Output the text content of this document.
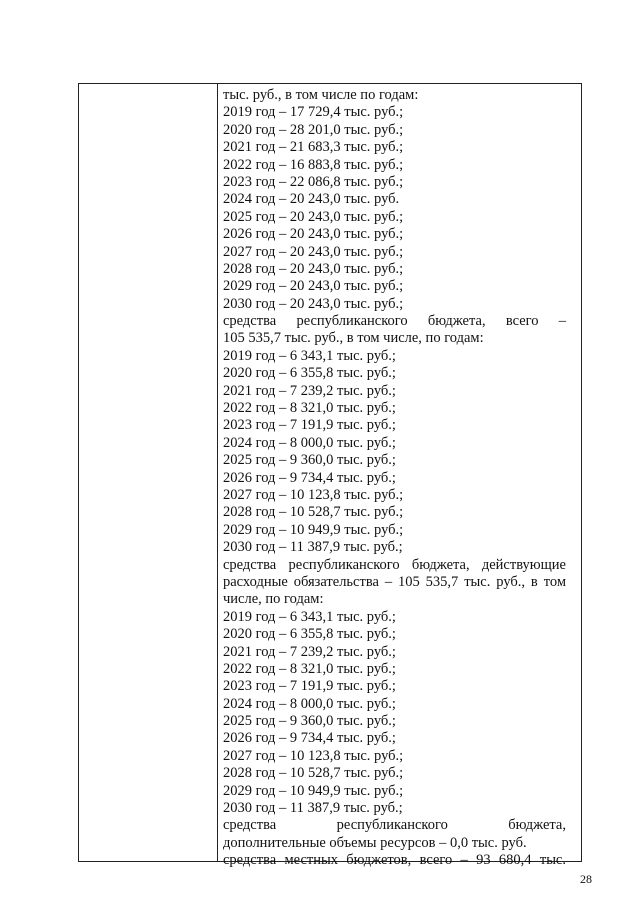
тыс. руб., в том числе по годам:
2019 год – 17 729,4 тыс. руб.;
2020 год – 28 201,0 тыс. руб.;
2021 год – 21 683,3 тыс. руб.;
2022 год – 16 883,8 тыс. руб.;
2023 год – 22 086,8 тыс. руб.;
2024 год – 20 243,0 тыс. руб.
2025 год – 20 243,0 тыс. руб.;
2026 год – 20 243,0 тыс. руб.;
2027 год – 20 243,0 тыс. руб.;
2028 год – 20 243,0 тыс. руб.;
2029 год – 20 243,0 тыс. руб.;
2030 год – 20 243,0 тыс. руб.;
средства республиканского бюджета, всего –
105 535,7 тыс. руб., в том числе, по годам:
2019 год – 6 343,1 тыс. руб.;
2020 год – 6 355,8 тыс. руб.;
2021 год – 7 239,2 тыс. руб.;
2022 год – 8 321,0 тыс. руб.;
2023 год – 7 191,9 тыс. руб.;
2024 год – 8 000,0 тыс. руб.;
2025 год – 9 360,0 тыс. руб.;
2026 год – 9 734,4 тыс. руб.;
2027 год – 10 123,8 тыс. руб.;
2028 год – 10 528,7 тыс. руб.;
2029 год – 10 949,9 тыс. руб.;
2030 год – 11 387,9 тыс. руб.;
средства республиканского бюджета, действующие
расходные обязательства – 105 535,7 тыс. руб., в том
числе, по годам:
2019 год – 6 343,1 тыс. руб.;
2020 год – 6 355,8 тыс. руб.;
2021 год – 7 239,2 тыс. руб.;
2022 год – 8 321,0 тыс. руб.;
2023 год – 7 191,9 тыс. руб.;
2024 год – 8 000,0 тыс. руб.;
2025 год – 9 360,0 тыс. руб.;
2026 год – 9 734,4 тыс. руб.;
2027 год – 10 123,8 тыс. руб.;
2028 год – 10 528,7 тыс. руб.;
2029 год – 10 949,9 тыс. руб.;
2030 год – 11 387,9 тыс. руб.;
средства республиканского бюджета,
дополнительные объемы ресурсов – 0,0 тыс. руб.
средства местных бюджетов, всего – 93 680,4 тыс.
28
